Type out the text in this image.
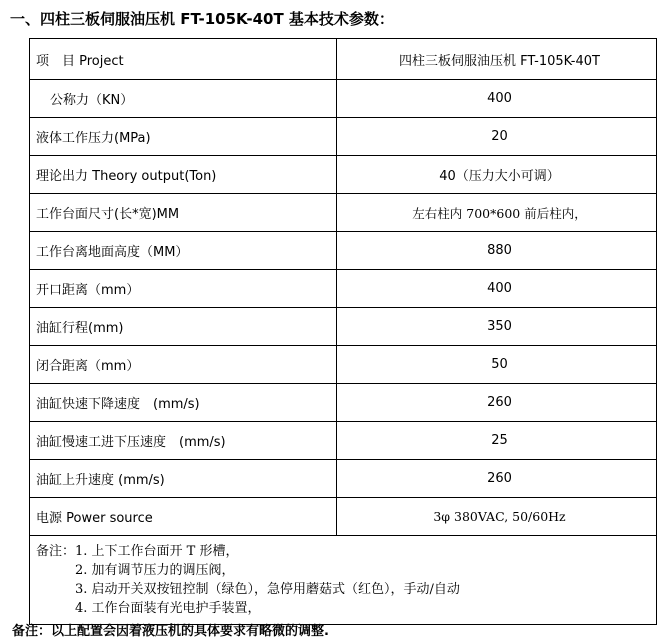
一、四柱三板伺服油压机 FT-105K-40T 基本技术参数：
项　目 Project	四柱三板伺服油压机 FT-105K-40T
公称力（KN）	400
液体工作压力(MPa)	20
理论出力 Theory output(Ton)	40（压力大小可调）
工作台面尺寸(长*宽)MM	左右柱内 700*600 前后柱内，
工作台离地面高度（MM）	880
开口距离（mm）	400
油缸行程(mm)	350
闭合距离（mm）	50
油缸快速下降速度　(mm/s)	260
油缸慢速工进下压速度　(mm/s)	25
油缸上升速度 (mm/s)	260
电源 Power source	3φ 380VAC, 50/60Hz

备注： 1. 上下工作台面开 T 形槽，
2. 加有调节压力的调压阀，
3. 启动开关双按钮控制（绿色），急停用蘑菇式（红色），手动/自动
4. 工作台面装有光电护手装置，	
备注：以上配置会因着液压机的具体要求有略微的调整.
